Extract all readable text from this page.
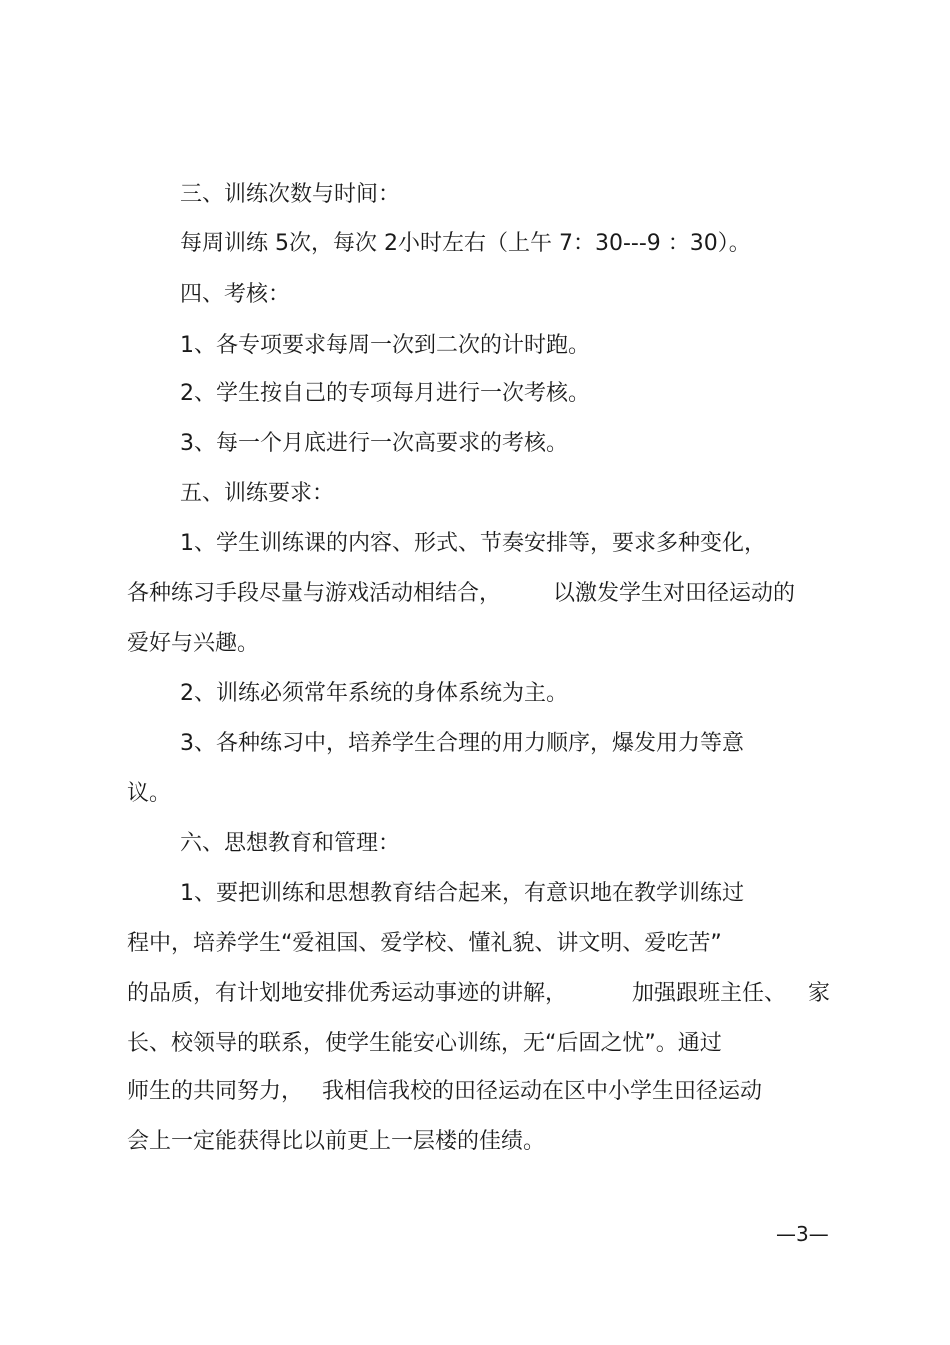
三、训练次数与时间：
每周训练 5次，每次 2小时左右（上午 7：30---9 ：30）。
四、考核：
1、各专项要求每周一次到二次的计时跑。
2、学生按自己的专项每月进行一次考核。
3、每一个月底进行一次高要求的考核。
五、训练要求：
1、学生训练课的内容、形式、节奏安排等，要求多种变化，
各种练习手段尽量与游戏活动相结合， 以激发学生对田径运动的
爱好与兴趣。
2、训练必须常年系统的身体系统为主。
3、各种练习中，培养学生合理的用力顺序，爆发用力等意
议。
六、思想教育和管理：
1、要把训练和思想教育结合起来，有意识地在教学训练过
程中，培养学生“爱祖国、爱学校、懂礼貌、讲文明、爱吃苦”
的品质，有计划地安排优秀运动事迹的讲解，	加强跟班主任、 家
长、校领导的联系，使学生能安心训练，无“后固之忧”。通过
师生的共同努力， 我相信我校的田径运动在区中小学生田径运动
会上一定能获得比以前更上一层楼的佳绩。
—3—
